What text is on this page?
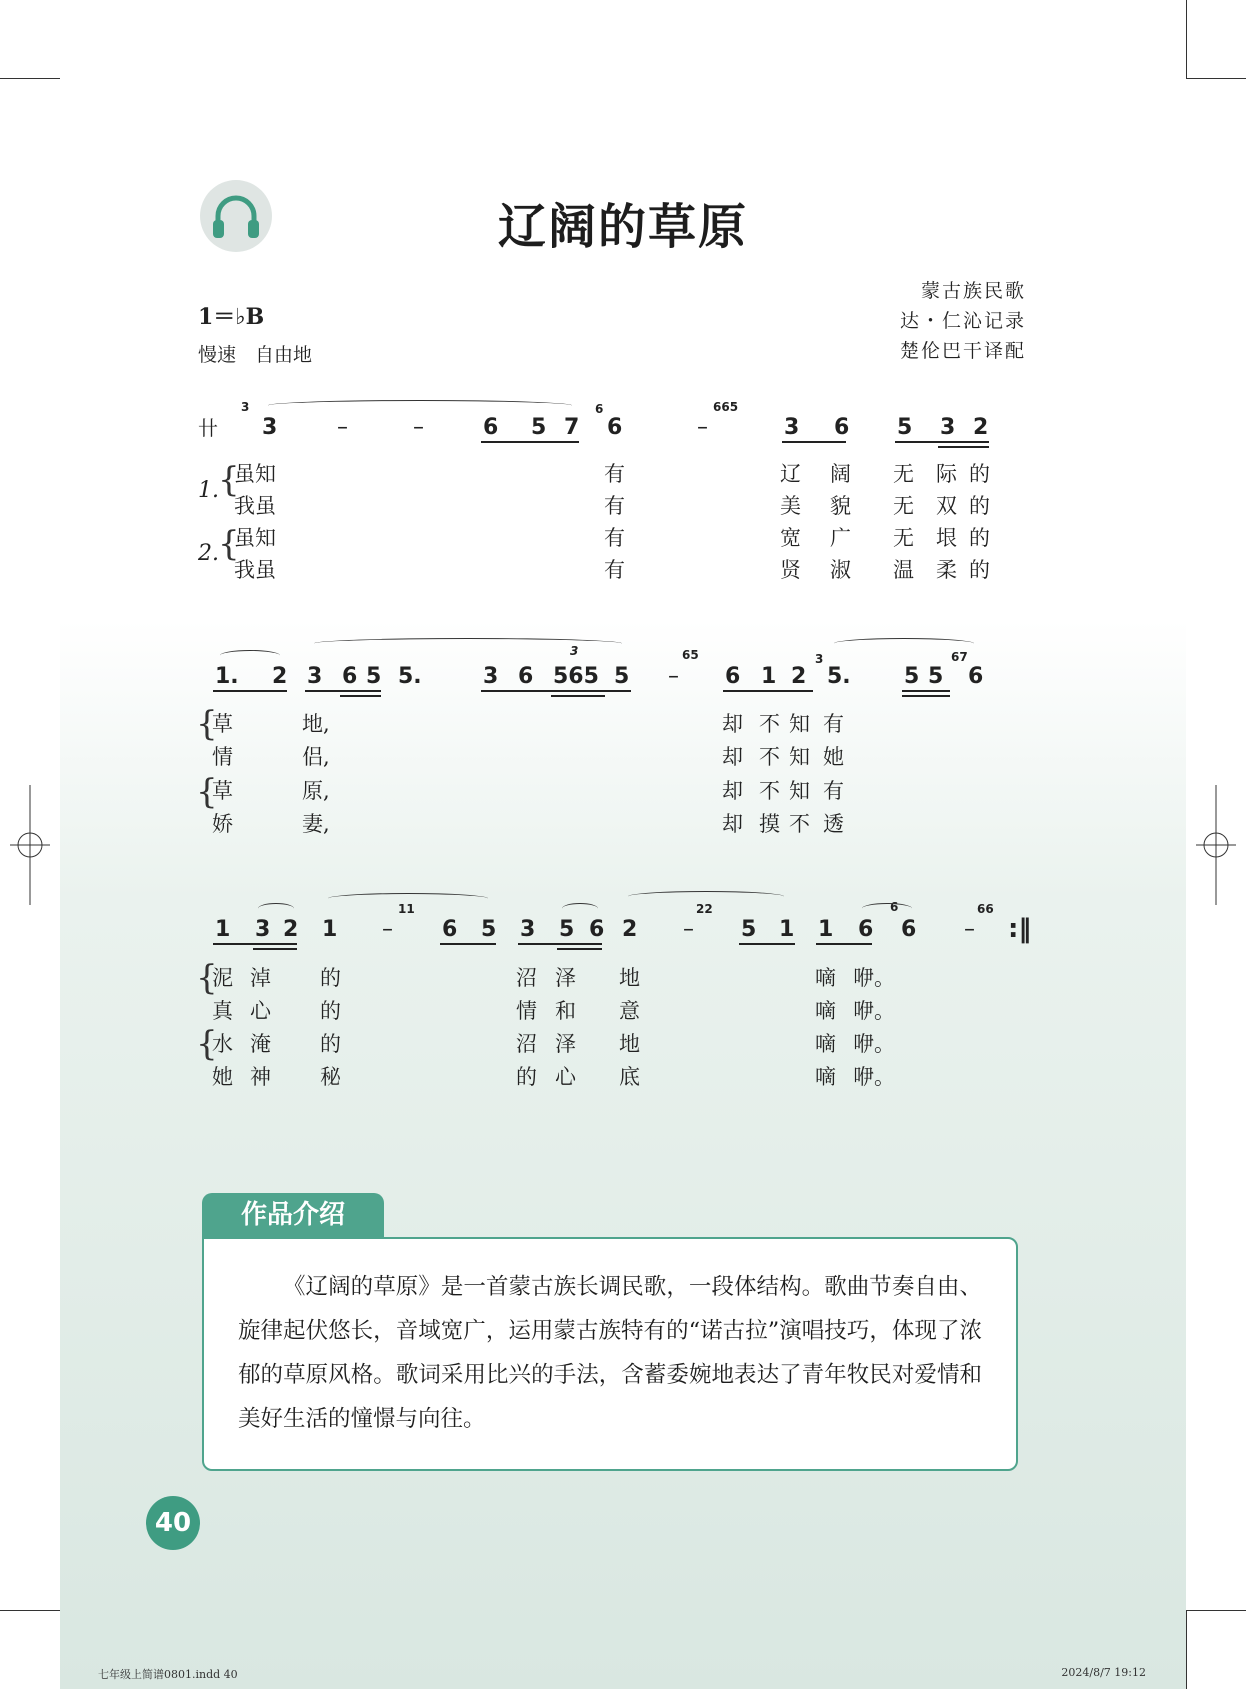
辽阔的草原
1＝♭B
慢速　自由地
蒙古族民歌
达・仁沁记录
楚伦巴干译配
卄
3
3	–	–	6 5 7
6
6	–
665
3 6 5 3 2
1.
2.
{
{
虽知	有	辽 阔 无 际 的
我虽	有	美 貌 无 双 的
虽知	有	宽 广 无 垠 的
我虽	有	贤 淑 温 柔 的
1. 2 3 6 5 5.	3 6 565
3
5 –
65
6 1 2
3
5. 5 5
67
6
{
{
草	地,	却 不 知 有
情	侣,	却 不 知 她
草	原,	却 不 知 有
娇	妻,	却 摸 不 透
1 3 2 1 –
11
6 5 3 5 6 2 –
22
5 1 1 6
6
6 –
66
:‖
{
{
泥 淖 的	沼 泽 地	嘀 咿。
真 心 的	情 和 意	嘀 咿。
水 淹 的	沼 泽 地	嘀 咿。
她 神 秘	的 心 底	嘀 咿。
作品介绍
《辽阔的草原》是一首蒙古族长调民歌，一段体结构。歌曲节奏自由、旋律起伏悠长，音域宽广，运用蒙古族特有的“诺古拉”演唱技巧，体现了浓郁的草原风格。歌词采用比兴的手法，含蓄委婉地表达了青年牧民对爱情和美好生活的憧憬与向往。
40
七年级上简谱0801.indd 40	2024/8/7 19:12
